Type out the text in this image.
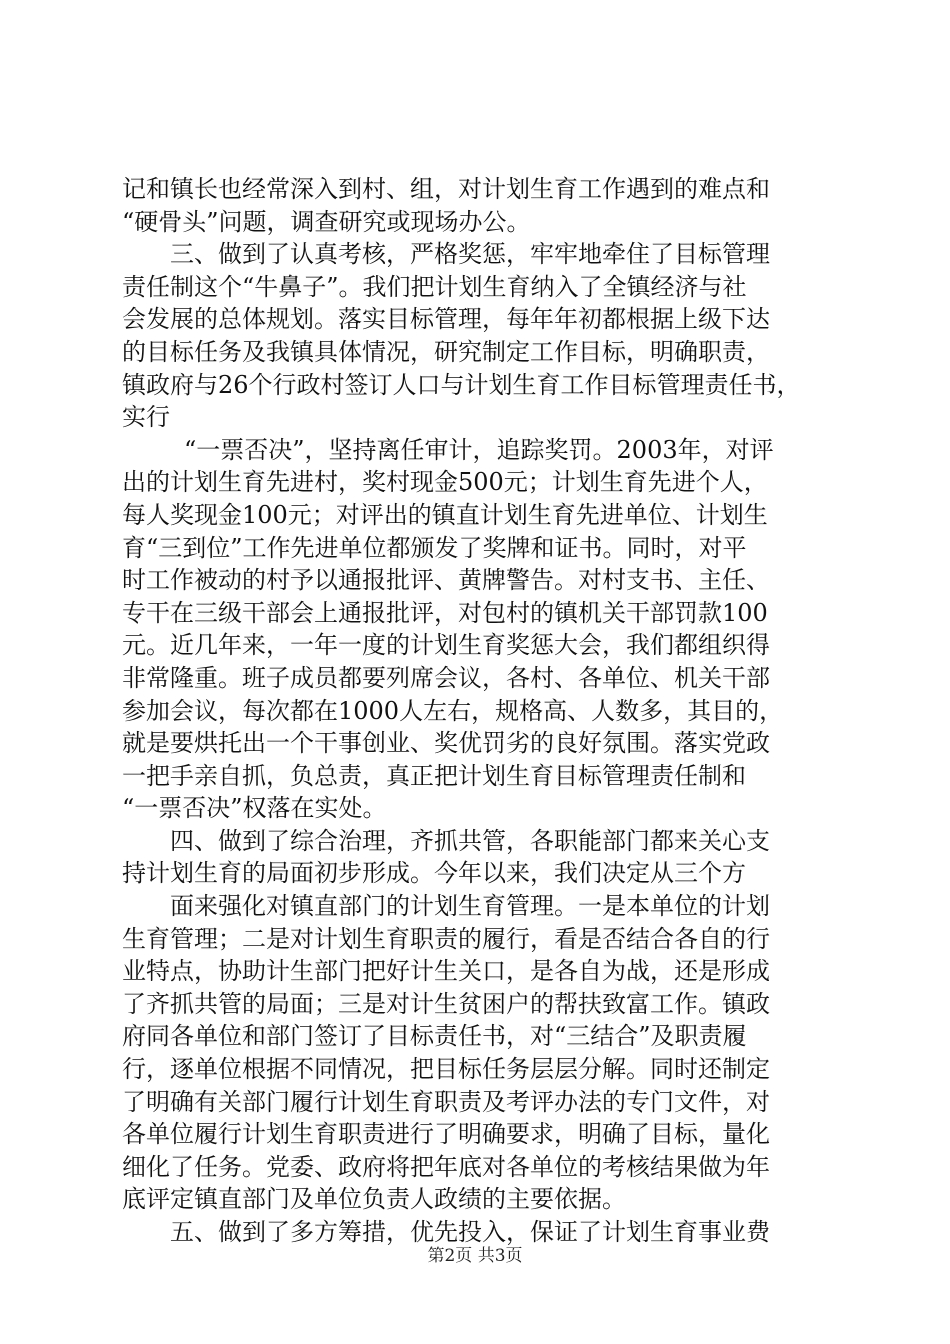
记和镇长也经常深入到村、组，对计划生育工作遇到的难点和
“硬骨头”问题，调查研究或现场办公。
三、做到了认真考核，严格奖惩，牢牢地牵住了目标管理
责任制这个“牛鼻子”。我们把计划生育纳入了全镇经济与社
会发展的总体规划。落实目标管理，每年年初都根据上级下达
的目标任务及我镇具体情况，研究制定工作目标，明确职责，
镇政府与26个行政村签订人口与计划生育工作目标管理责任书，
实行
“一票否决”，坚持离任审计，追踪奖罚。2003年，对评
出的计划生育先进村，奖村现金500元；计划生育先进个人，
每人奖现金100元；对评出的镇直计划生育先进单位、计划生
育“三到位”工作先进单位都颁发了奖牌和证书。同时，对平
时工作被动的村予以通报批评、黄牌警告。对村支书、主任、
专干在三级干部会上通报批评，对包村的镇机关干部罚款100
元。近几年来，一年一度的计划生育奖惩大会，我们都组织得
非常隆重。班子成员都要列席会议，各村、各单位、机关干部
参加会议，每次都在1000人左右，规格高、人数多，其目的，
就是要烘托出一个干事创业、奖优罚劣的良好氛围。落实党政
一把手亲自抓，负总责，真正把计划生育目标管理责任制和
“一票否决”权落在实处。
四、做到了综合治理，齐抓共管，各职能部门都来关心支
持计划生育的局面初步形成。今年以来，我们决定从三个方
面来强化对镇直部门的计划生育管理。一是本单位的计划
生育管理；二是对计划生育职责的履行，看是否结合各自的行
业特点，协助计生部门把好计生关口，是各自为战，还是形成
了齐抓共管的局面；三是对计生贫困户的帮扶致富工作。镇政
府同各单位和部门签订了目标责任书，对“三结合”及职责履
行，逐单位根据不同情况，把目标任务层层分解。同时还制定
了明确有关部门履行计划生育职责及考评办法的专门文件，对
各单位履行计划生育职责进行了明确要求，明确了目标，量化
细化了任务。党委、政府将把年底对各单位的考核结果做为年
底评定镇直部门及单位负责人政绩的主要依据。
五、做到了多方筹措，优先投入，保证了计划生育事业费
第2页 共3页
